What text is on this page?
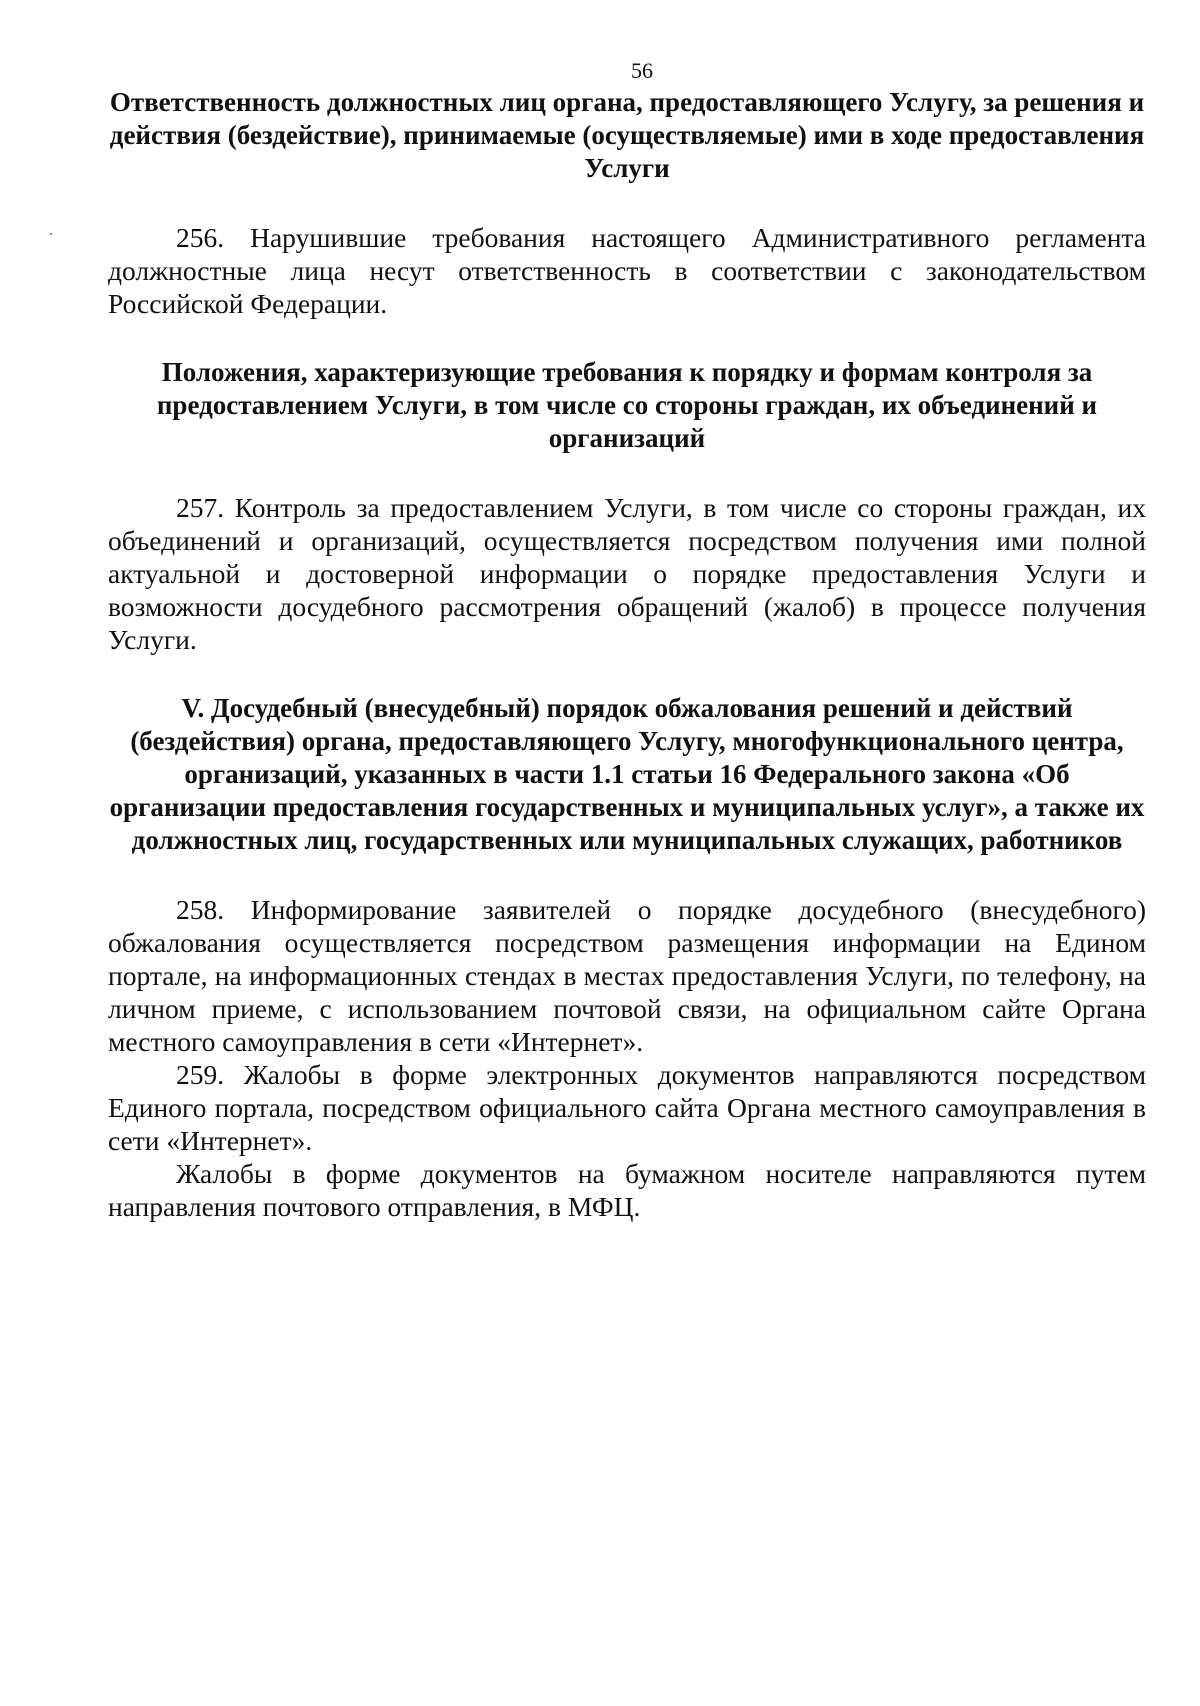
56

Ответственность должностных лиц органа, предоставляющего Услугу, за решения и действия (бездействие), принимаемые (осуществляемые) ими в ходе предоставления Услуги

256. Нарушившие требования настоящего Административного регламента должностные лица несут ответственность в соответствии с законодательством Российской Федерации.

Положения, характеризующие требования к порядку и формам контроля за предоставлением Услуги, в том числе со стороны граждан, их объединений и организаций

257. Контроль за предоставлением Услуги, в том числе со стороны граждан, их объединений и организаций, осуществляется посредством получения ими полной актуальной и достоверной информации о порядке предоставления Услуги и возможности досудебного рассмотрения обращений (жалоб) в процессе получения Услуги.

V. Досудебный (внесудебный) порядок обжалования решений и действий (бездействия) органа, предоставляющего Услугу, многофункционального центра, организаций, указанных в части 1.1 статьи 16 Федерального закона «Об организации предоставления государственных и муниципальных услуг», а также их должностных лиц, государственных или муниципальных служащих, работников

258. Информирование заявителей о порядке досудебного (внесудебного) обжалования осуществляется посредством размещения информации на Едином портале, на информационных стендах в местах предоставления Услуги, по телефону, на личном приеме, с использованием почтовой связи, на официальном сайте Органа местного самоуправления в сети «Интернет».

259. Жалобы в форме электронных документов направляются посредством Единого портала, посредством официального сайта Органа местного самоуправления в сети «Интернет».

Жалобы в форме документов на бумажном носителе направляются путем направления почтового отправления, в МФЦ.
